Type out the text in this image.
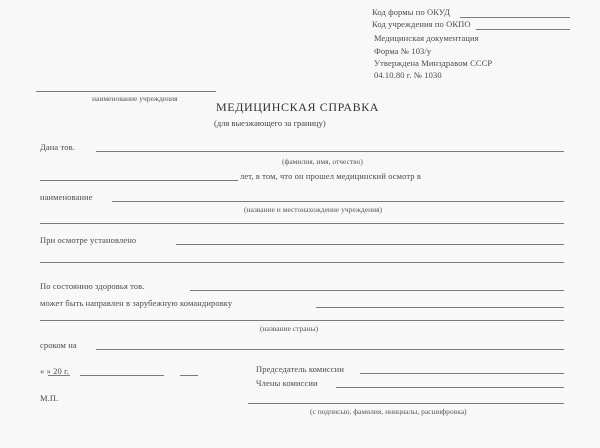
Код формы по ОКУД
Код учреждения по ОКПО
Медицинская документация
Форма № 103/у
Утверждена Минздравом СССР
04.10.80 г. № 1030
наименование учреждения
МЕДИЦИНСКАЯ СПРАВКА
(для выезжающего за границу)
Дана тов.
(фамилия, имя, отчество)
лет, в том, что он прошел медицинский осмотр в
наименование
(название и местонахождение учреждения)
При осмотре установлено
По состоянию здоровья тов.
может быть направлен в зарубежную командировку
(название страны)
сроком на
« » 20 г.	Председатель комиссии
Члены комиссии
М.П.
(с подписью, фамилия, инициалы, расшифровка)
